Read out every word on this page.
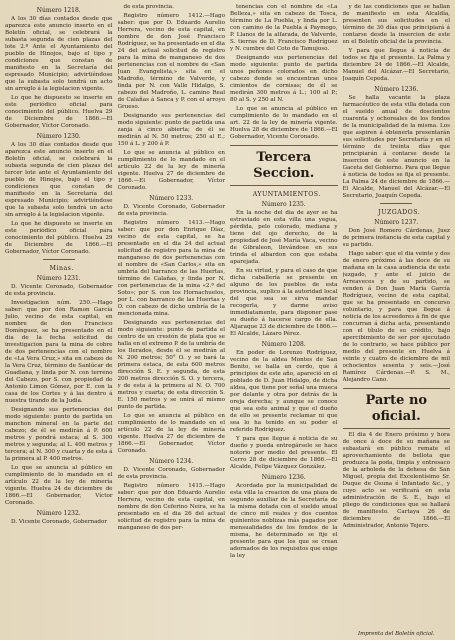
Número 1218.

A los 30 días contados desde que aparezca este anuncio inserto en el Boletín oficial, se celebrará la subasta segunda de cien plazas del lote 2.º Ante el Ayuntamiento del pueblo de Hinojos, bajo el tipo y condiciones que constan de manifiesto en la Secretaría del espresado Municipio; advirtiéndose que la subasta solo tendrá un acto sin arreglo á la legislacion vigente.

Lo que he dispuesto se inserte en este periódico oficial para conocimiento del público. Huelva 29 de Diciembre de 1866.—El Gobernador, Víctor Coronado.

Número 1230.

A los 30 días contados desde que aparezca este anuncio inserto en el Boletín oficial, se celebrará la subasta segunda de cien plazas del tercer lote ante el Ayuntamiento del pueblo de Hinojos, bajo el tipo y condiciones que constan de manifiesto en la Secretaría del espresado Municipio; advirtiéndose que la subasta solo tendrá un acto sin arreglo á la legislacion vigente.

Lo que he dispuesto se inserte en este periódico oficial para conocimiento del público. Huelva 29 de Diciembre de 1866.—El Gobernador, Víctor Coronado.

Minas.

Número 1231.

D. Vicente Coronado, Gobernador de esta provincia.

Investigacion núm. 250.—Hago saber: que por don Ramon García Julio, vecino de esta capital, en nombre de don Francisco Domínguez, se ha presentado en el dia de la fecha solicitud de investigacion para la mina de cobre de dos pertenencias con el nombre de «La Vera Cruz,» sita en cabezo de la Vera Cruz, término de Sanlúcar de Guadiana, y linda por N. con terreno del Cabezo, por S. con propiedad de Antonio Limon Gómez, por E. con la casa de los Cortes y á las dentro á nuestra tirando de la Judía.

Designando sus pertenencias del modo siguiente: punto de partida un manchon mineral en la parte del cabezo; de él se medirán á P. 600 metros y pondrá estaca; al S. 300 metros y segunda; al L. 400 metros y tercera; al N. 300 y cuarta y de esta á la primera al P. 400 metros.

Lo que se anuncia al público en cumplimiento de lo mandado en el artículo 22 de la ley de minería vigente. Huelva 24 de diciembre de 1866.—El Gobernador, Víctor Coronado.

Número 1232.

D. Vicente Coronado, Gobernador

de esta provincia.

Registro número 1412.—Hago saber: que por D. Eduardo Aurelio Herrera, vecino de esta capital, en nombre de don José Francisco Rodríguez, se ha presentado en el dia 24 del actual solicitud de registro para la mina de manganeso de dos pertenencias con el nombre de «San Juan Evangelista,» sita en el Madroño, término de Valverde, y linda por N. con Valle Hidalgo, S. cabezo del Madroño, L. camino Real de Calañas á Sanca y P. con el arroyo Grueso.

Designando sus pertenencias del modo siguiente: punto de partida una zanja á cinco abierta; de él se medirán al N. 50 metros; 250 al E.; 150 á L. y 200 á P.

Lo que se anuncia al público en cumplimiento de lo mandado en el artículo 22 de la ley de minería vigente. Huelva 27 de diciembre de 1866.—El Gobernador, Víctor Coronado.

Número 1233.

D. Vicente Coronado, Gobernador de esta provincia.

Registro número 1413.—Hago saber: que por don Enrique Díaz, vecino de esta capital, se ha presentado en el dia 24 del actual solicitud de registro para la mina de manganeso de dos pertenencias con el nombre de «San Carlos,» sita en umbría del barranco de las Huertas, término de Calañas, y linda por N. con pertenencias de la mina «2.ª del Soto»; por S. con los Hornachuelos, por L. con barranco de las Huertas y O. con cabezo de dicho umbría de la mencionada mina.

Designando sus pertenencias del modo siguiente: punto de partida el centro de un crestón de plata que se halla en el extremo P. de la umbría de los Ilerados, desde él se medirán al N. 200 metros; 50° O. y se hará la primera estaca, de esta 600 metros dirección S. E. y segunda, de esta 200 metros dirección S. O. y tercera, y de esta á la primera al N. O. 700 metros y cuarta; de esta dirección S. E. 150 metros y se unirá al mismo punto de partida.

Lo que se anuncia al público en cumplimiento de lo mandado en el artículo 22 de la ley de minería vigente. Huelva 27 de diciembre de 1866.—El Gobernador, Víctor Coronado.

Número 1234.

D. Vicente Coronado, Gobernador de esta provincia.

Registro número 1415.—Hago saber: que por don Eduardo Aurelio Herrera, vecino de esta capital, en nombre de don Ceferino Neira, se ha presentado en el dia 26 del actual solicitud de registro para la mina de manganeso de dos per-

tenencias con el nombre de «La Belleza,» sita en cabezo de Tosca, término de La Puebla, y linda por L. con camino de la Puebla á Paymogo, P. Llanos de la alfarada, de Valverde, S. tierras de D. Francisco Rodríguez y N. cumbre del Coto de Tamujoso.

Designando sus pertenencias del modo siguiente: punto de partida unos peñones colorados en dicho cabezo donde se encuentran unos cimientos de cornisas; de él se medirán 300 metros á L.; 100 al P.; 80 al S. y 250 al N.

Lo que se anuncia al público en cumplimiento de lo mandado en el art. 22 de la ley de minería vigente. Huelva 28 de diciembre de 1866.—El Gobernador, Vicente Coronado.

Tercera Seccion.

AYUNTAMIENTOS.

Número 1235.

En la noche del dia de ayer se ha estraviado en esta villa una yegua, pérdida, pelo colorado, mediana y tiene del ojo derecho, de la propiedad de José María Vaca, vecino de Gibraleon, llevándose en sus trinda el albardon con que estaba aparejada.

En su virtud, y para el caso de que dicha caballería se presente en alguno de los pueblos de esta provincia, suplico á la autoridad local del que sea se sirva mandar recogerla, y darme aviso inmediatamente, para disponer pase su dueño á hacerse cargo de ella. Aljaraque 23 de diciembre de 1866.—El Alcalde, Lázaro Pérez.

Número 1208.

En poder de Lorenzo Rodríguez, vecino de la aldea Montes de San Benito, se halla un cerdo, que á principios de este año, apareció en el poblado de D. Juan Hidalgo, de dicha aldea, que tiene por señal una mueca por delante y otra por detrás de la oreja derecha; y aunque se conoce que sea este animal y que el dueño de ello se presente reclamar ni que sea lo ha tenido en su poder el referido Rodríguez.

Y para que llegue á noticia de su dueño y pueda entregársele se hace notorio por medio del presente. El Cerro 28 de diciembre de 1866.—El Alcalde, Felipe Vázquez González.

Número 1236.

Acordada por la municipalidad de esta villa la creacion de una plaza de segundo auxiliar de la Secretaría de la misma dotada con el sueldo anual de cinco mil reales y dos cuentos quinientos noblizas más pagados por mensualidades de los fondos de la misma, he determinado se fije el presente para que los que se crean adornados de los requisitos que exige la ley

y de las condiciones que se hallan de manifiesto en esta Alcaldía, presenten sus solicitudes en el término de 30 días que principiará á contarse desde la insercion de este en el Boletín oficial de la provincia.

Y para que llegue á noticia de todos se fija el presente. La Palma y diciembre 24 de 1866.—El Alcalde, Manuel del Alcázar.—El Secretario, Joaquín Cepeda.

Número 1236.

Se halla vacante la plaza farmacéutico de esta villa dotada con el sueldo anual de doscientos cuarenta y ochoreales de los fondos de la municipalidad de la misma. Los que aspiren á obtenerla presentarán sus solicitudes por Secretaría y en el término de treinta días que principiarán á contarse desde la insercion de este anuncio en la Gaceta del Gobierno. Para que llegue á noticia de todos se fija el presente. La Palma 24 de diciembre de 1866.—El Alcalde, Manuel del Alcázar.—El Secretario, Joaquín Cepeda.

JUZGADOS.

Número 1237.

Don José Romero Cárdenas, Juez de primera instancia de esta capital y su partido.

Hago saber: que el dia veinte y dos de enero próximo á las doce de su mañana en la casa audiencia de este juzgado, y ante el juicio de Arreaveces y de su partido, se venden á Don Juan María García Rodríguez, vecino de esta capital, que se ha presentado en concurso voluntario, y para que llegue á noticia de los acreedores á fin de que concurran á dicha acta, presentando con el título de su crédito, bajo apercibimiento de ser por ejecutado de lo contrario, se hace público por medio del presente en Huelva á veinte y cuatro de diciembre de mil ochocientos sesenta y seis.—José Ramírez Cárdenas.—P. S. M., Alejandro Cano.

Parte no oficial.

El dia 4 de Enero próximo y hora de once á doce de su mañana se subastará en público remate el aprovechamiento de bellota que produzca la poda, limpia y entresaco de la arboleda de la dehesa de San Miguel, propia del Excelentísimo Sr. Duque de Osuna é Infantado &c., y cuyo acto se verificará en esta administración de S. E., bajo el pliego de condiciones que se hallará de manifiesto. Cartaya 26 de diciembre de 1866.—El Administrador, Antonio Tejero.

Imprenta del Boletín oficial.
